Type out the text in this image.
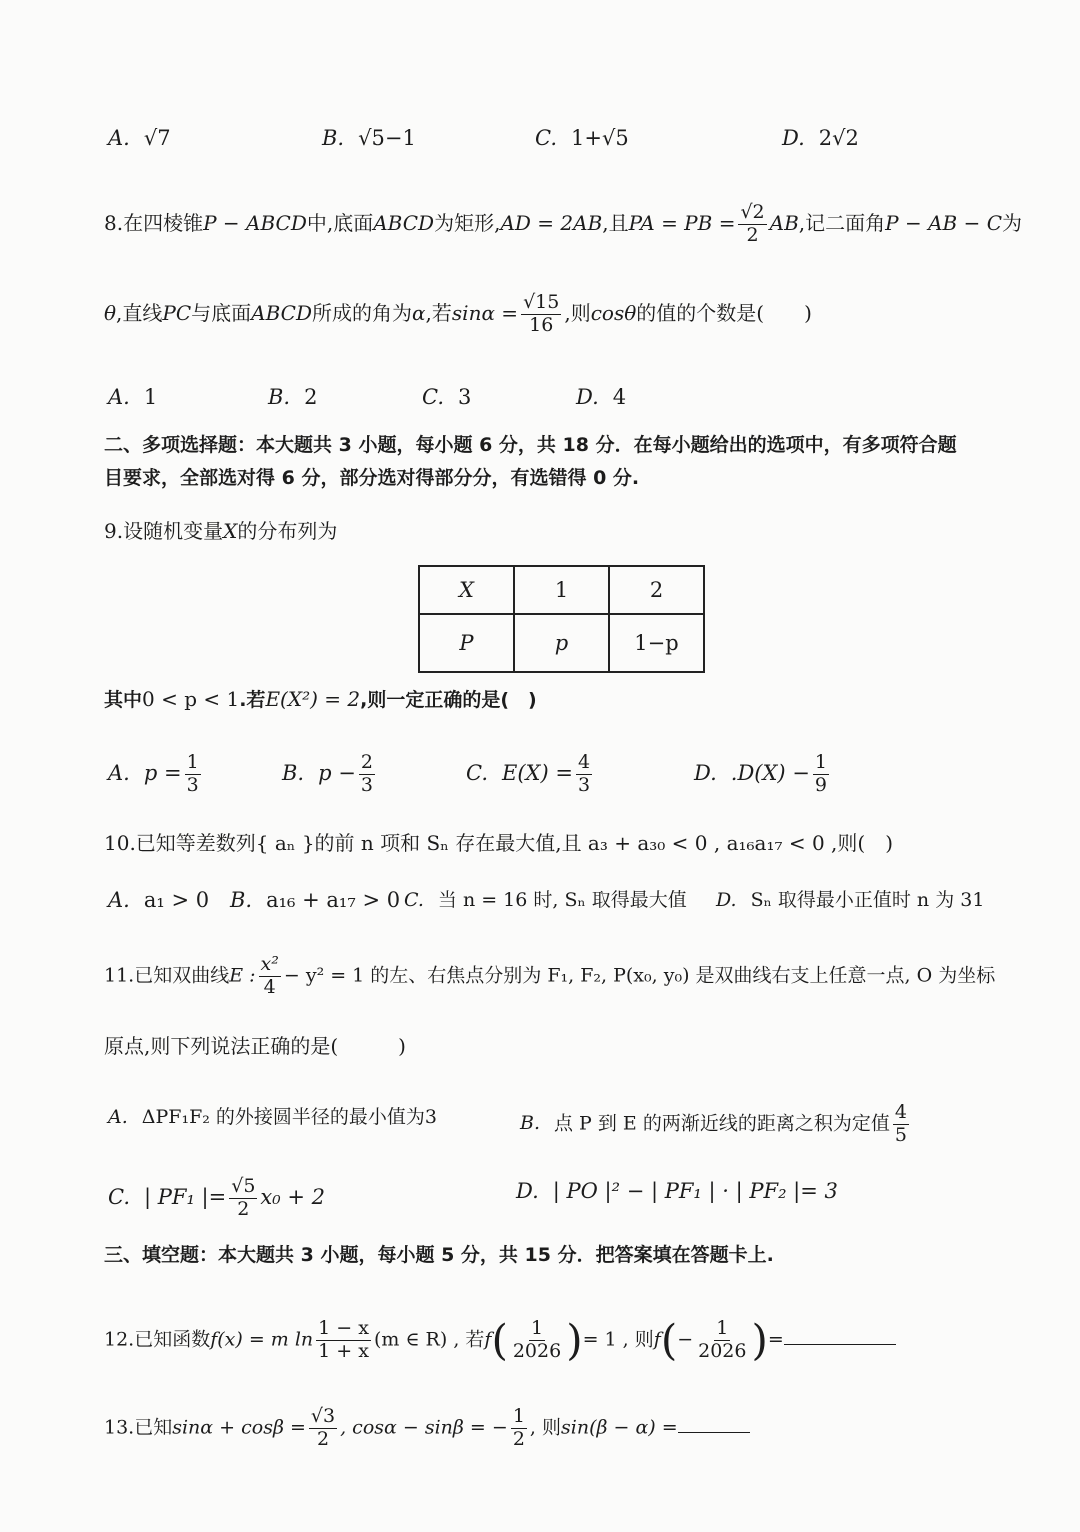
A. √7	B. √5−1	C. 1+√5	D. 2√2
8.在四棱锥P − ABCD中,底面ABCD为矩形,AD = 2AB,且PA = PB = $\frac{√2}{2}$ AB,记二面角P − AB − C为
θ,直线PC与底面ABCD所成的角为α,若$\sin\alpha = \frac{√15}{16}$ ,则cosθ的值的个数是(　　)
A. 1	B. 2	C. 3	D. 4
二、多项选择题：本大题共 3 小题，每小题 6 分，共 18 分．在每小题给出的选项中，有多项符合题
目要求，全部选对得 6 分，部分选对得部分分，有选错得 0 分.
9.设随机变量X的分布列为
X	1	2
P	p	1−p
其中0 < p < 1.若E(X²) = 2,则一定正确的是(　)
A. $p = \frac{1}{3}$	B. $p - \frac{2}{3}$	C. $E(X) = \frac{4}{3}$	D. $.D(X) - \frac{1}{9}$
10.已知等差数列{ aₙ }的前 n 项和 Sₙ 存在最大值,且 a₃ + a₃₀ < 0 , a₁₆a₁₇ < 0 ,则(　)
A. a₁ > 0 B. a₁₆ + a₁₇ > 0 C. 当 n = 16 时, Sₙ 取得最大值 D. Sₙ 取得最小正值时 n 为 31
11.已知双曲线E : $\frac{\text{x²}}{4} - y^2 = 1$ 的左、右焦点分别为 F₁, F₂, P(x₀, y₀) 是双曲线右支上任意一点, O 为坐标
原点,则下列说法正确的是(　　　)
A. ΔPF₁F₂ 的外接圆半径的最小值为3	B. 点 P 到 E 的两渐近线的距离之积为定值 $\frac{4}{5}$
C. | PF₁ |= $\frac{√5}{2} x_0 + 2$	D. | PO |² − | PF₁ | · | PF₂ |= 3
三、填空题：本大题共 3 小题，每小题 5 分，共 15 分．把答案填在答题卡上.
12.已知函数f(x) = m $\ln \frac{1 - x}{1 + x} (m$ ∈ R) , 若$f( \frac{1}{2026}$ )= 1 , 则$f(- \frac{1}{2026}$ )=
13.已知$\sin\alpha + \cos\beta = \frac{√3}{2}$ , cosα − sinβ = − $\frac{1}{2}$ , 则sin(β − α) =
